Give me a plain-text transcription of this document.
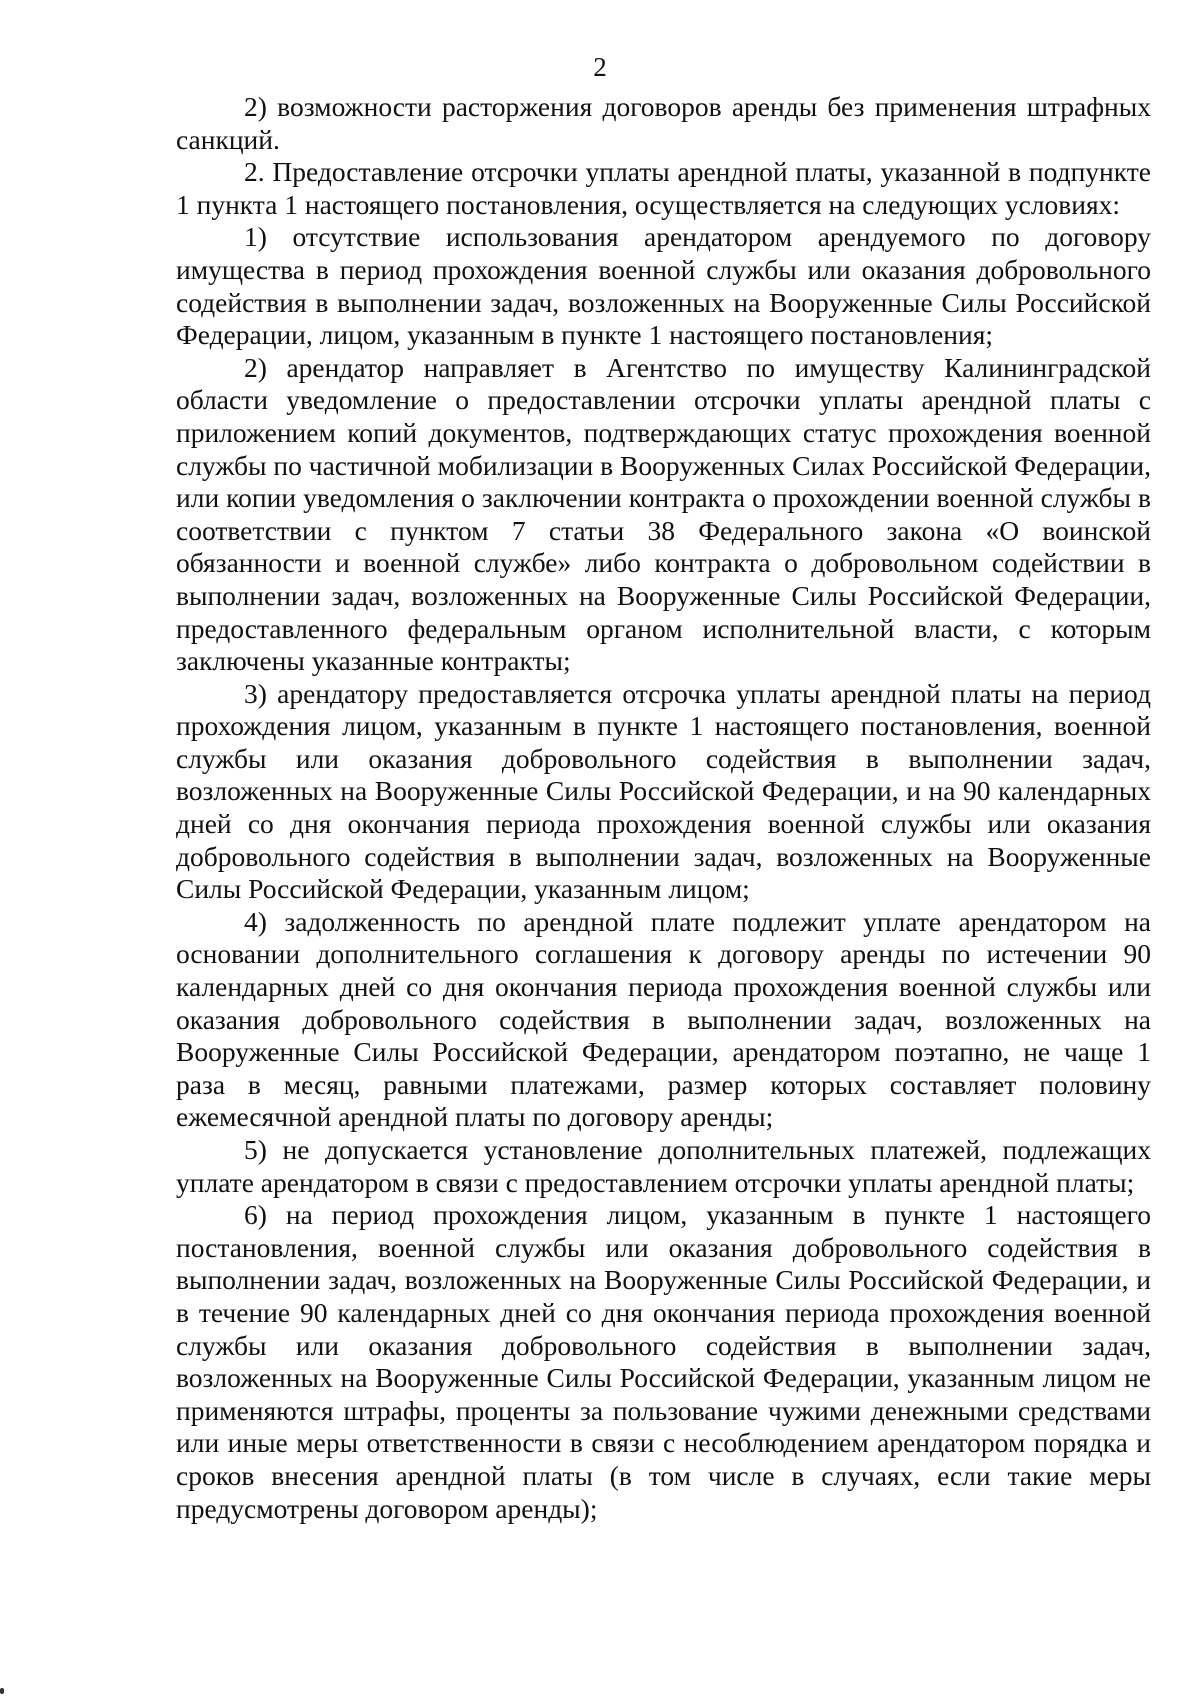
2

2) возможности расторжения договоров аренды без применения штрафных санкций.

2. Предоставление отсрочки уплаты арендной платы, указанной в подпункте 1 пункта 1 настоящего постановления, осуществляется на следующих условиях:

1) отсутствие использования арендатором арендуемого по договору имущества в период прохождения военной службы или оказания добровольного содействия в выполнении задач, возложенных на Вооруженные Силы Российской Федерации, лицом, указанным в пункте 1 настоящего постановления;

2) арендатор направляет в Агентство по имуществу Калининградской области уведомление о предоставлении отсрочки уплаты арендной платы с приложением копий документов, подтверждающих статус прохождения военной службы по частичной мобилизации в Вооруженных Силах Российской Федерации, или копии уведомления о заключении контракта о прохождении военной службы в соответствии с пунктом 7 статьи 38 Федерального закона «О воинской обязанности и военной службе» либо контракта о добровольном содействии в выполнении задач, возложенных на Вооруженные Силы Российской Федерации, предоставленного федеральным органом исполнительной власти, с которым заключены указанные контракты;

3) арендатору предоставляется отсрочка уплаты арендной платы на период прохождения лицом, указанным в пункте 1 настоящего постановления, военной службы или оказания добровольного содействия в выполнении задач, возложенных на Вооруженные Силы Российской Федерации, и на 90 календарных дней со дня окончания периода прохождения военной службы или оказания добровольного содействия в выполнении задач, возложенных на Вооруженные Силы Российской Федерации, указанным лицом;

4) задолженность по арендной плате подлежит уплате арендатором на основании дополнительного соглашения к договору аренды по истечении 90 календарных дней со дня окончания периода прохождения военной службы или оказания добровольного содействия в выполнении задач, возложенных на Вооруженные Силы Российской Федерации, арендатором поэтапно, не чаще 1 раза в месяц, равными платежами, размер которых составляет половину ежемесячной арендной платы по договору аренды;

5) не допускается установление дополнительных платежей, подлежащих уплате арендатором в связи с предоставлением отсрочки уплаты арендной платы;

6) на период прохождения лицом, указанным в пункте 1 настоящего постановления, военной службы или оказания добровольного содействия в выполнении задач, возложенных на Вооруженные Силы Российской Федерации, и в течение 90 календарных дней со дня окончания периода прохождения военной службы или оказания добровольного содействия в выполнении задач, возложенных на Вооруженные Силы Российской Федерации, указанным лицом не применяются штрафы, проценты за пользование чужими денежными средствами или иные меры ответственности в связи с несоблюдением арендатором порядка и сроков внесения арендной платы (в том числе в случаях, если такие меры предусмотрены договором аренды);
